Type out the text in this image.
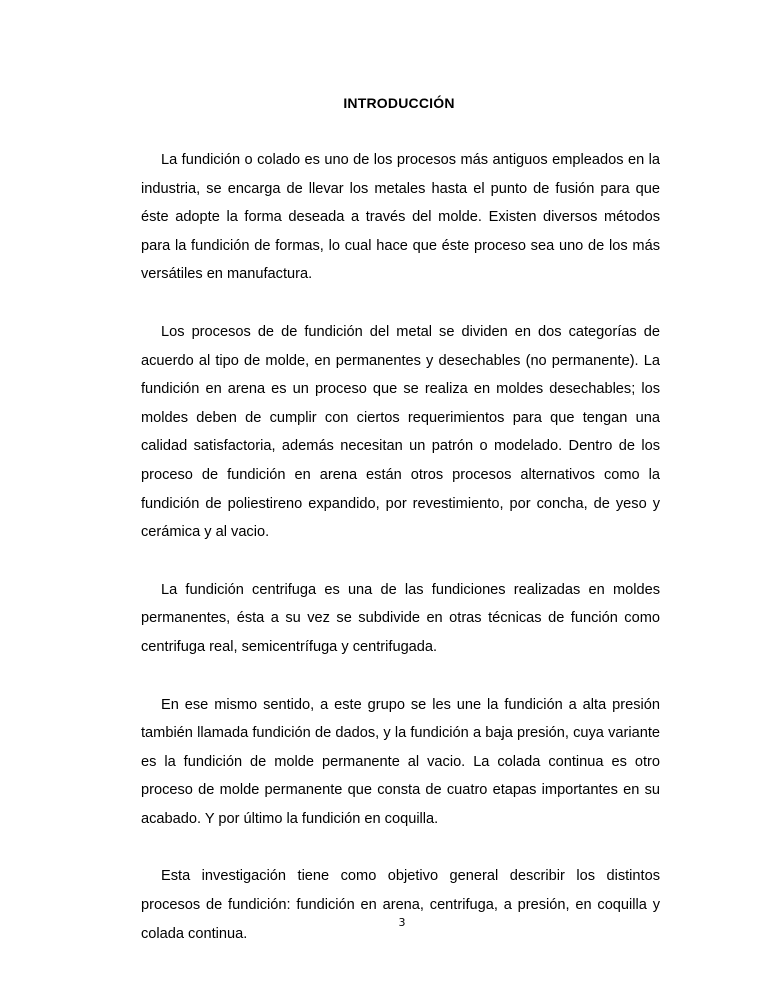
INTRODUCCIÓN

La fundición o colado es uno de los procesos más antiguos empleados en la industria, se encarga de llevar los metales hasta el punto de fusión para que éste adopte la forma deseada a través del molde. Existen diversos métodos para la fundición de formas, lo cual hace que éste proceso sea uno de los más versátiles en manufactura.

Los procesos de de fundición del metal se dividen en dos categorías de acuerdo al tipo de molde, en permanentes y desechables (no permanente). La fundición en arena es un proceso que se realiza en moldes desechables; los moldes deben de cumplir con ciertos requerimientos para que tengan una calidad satisfactoria, además necesitan un patrón o modelado. Dentro de los proceso de fundición en arena están otros procesos alternativos como la fundición de poliestireno expandido, por revestimiento, por concha, de yeso y cerámica y al vacio.

La fundición centrifuga es una de las fundiciones realizadas en moldes permanentes, ésta a su vez se subdivide en otras técnicas de función como centrifuga real, semicentrífuga y centrifugada.

En ese mismo sentido, a este grupo se les une la fundición a alta presión también llamada fundición de dados, y la fundición a baja presión, cuya variante es la fundición de molde permanente al vacio. La colada continua es otro proceso de molde permanente que consta de cuatro etapas importantes en su acabado. Y por último la fundición en coquilla.

Esta investigación tiene como objetivo general describir los distintos procesos de fundición: fundición en arena, centrifuga, a presión, en coquilla y colada continua.

3
